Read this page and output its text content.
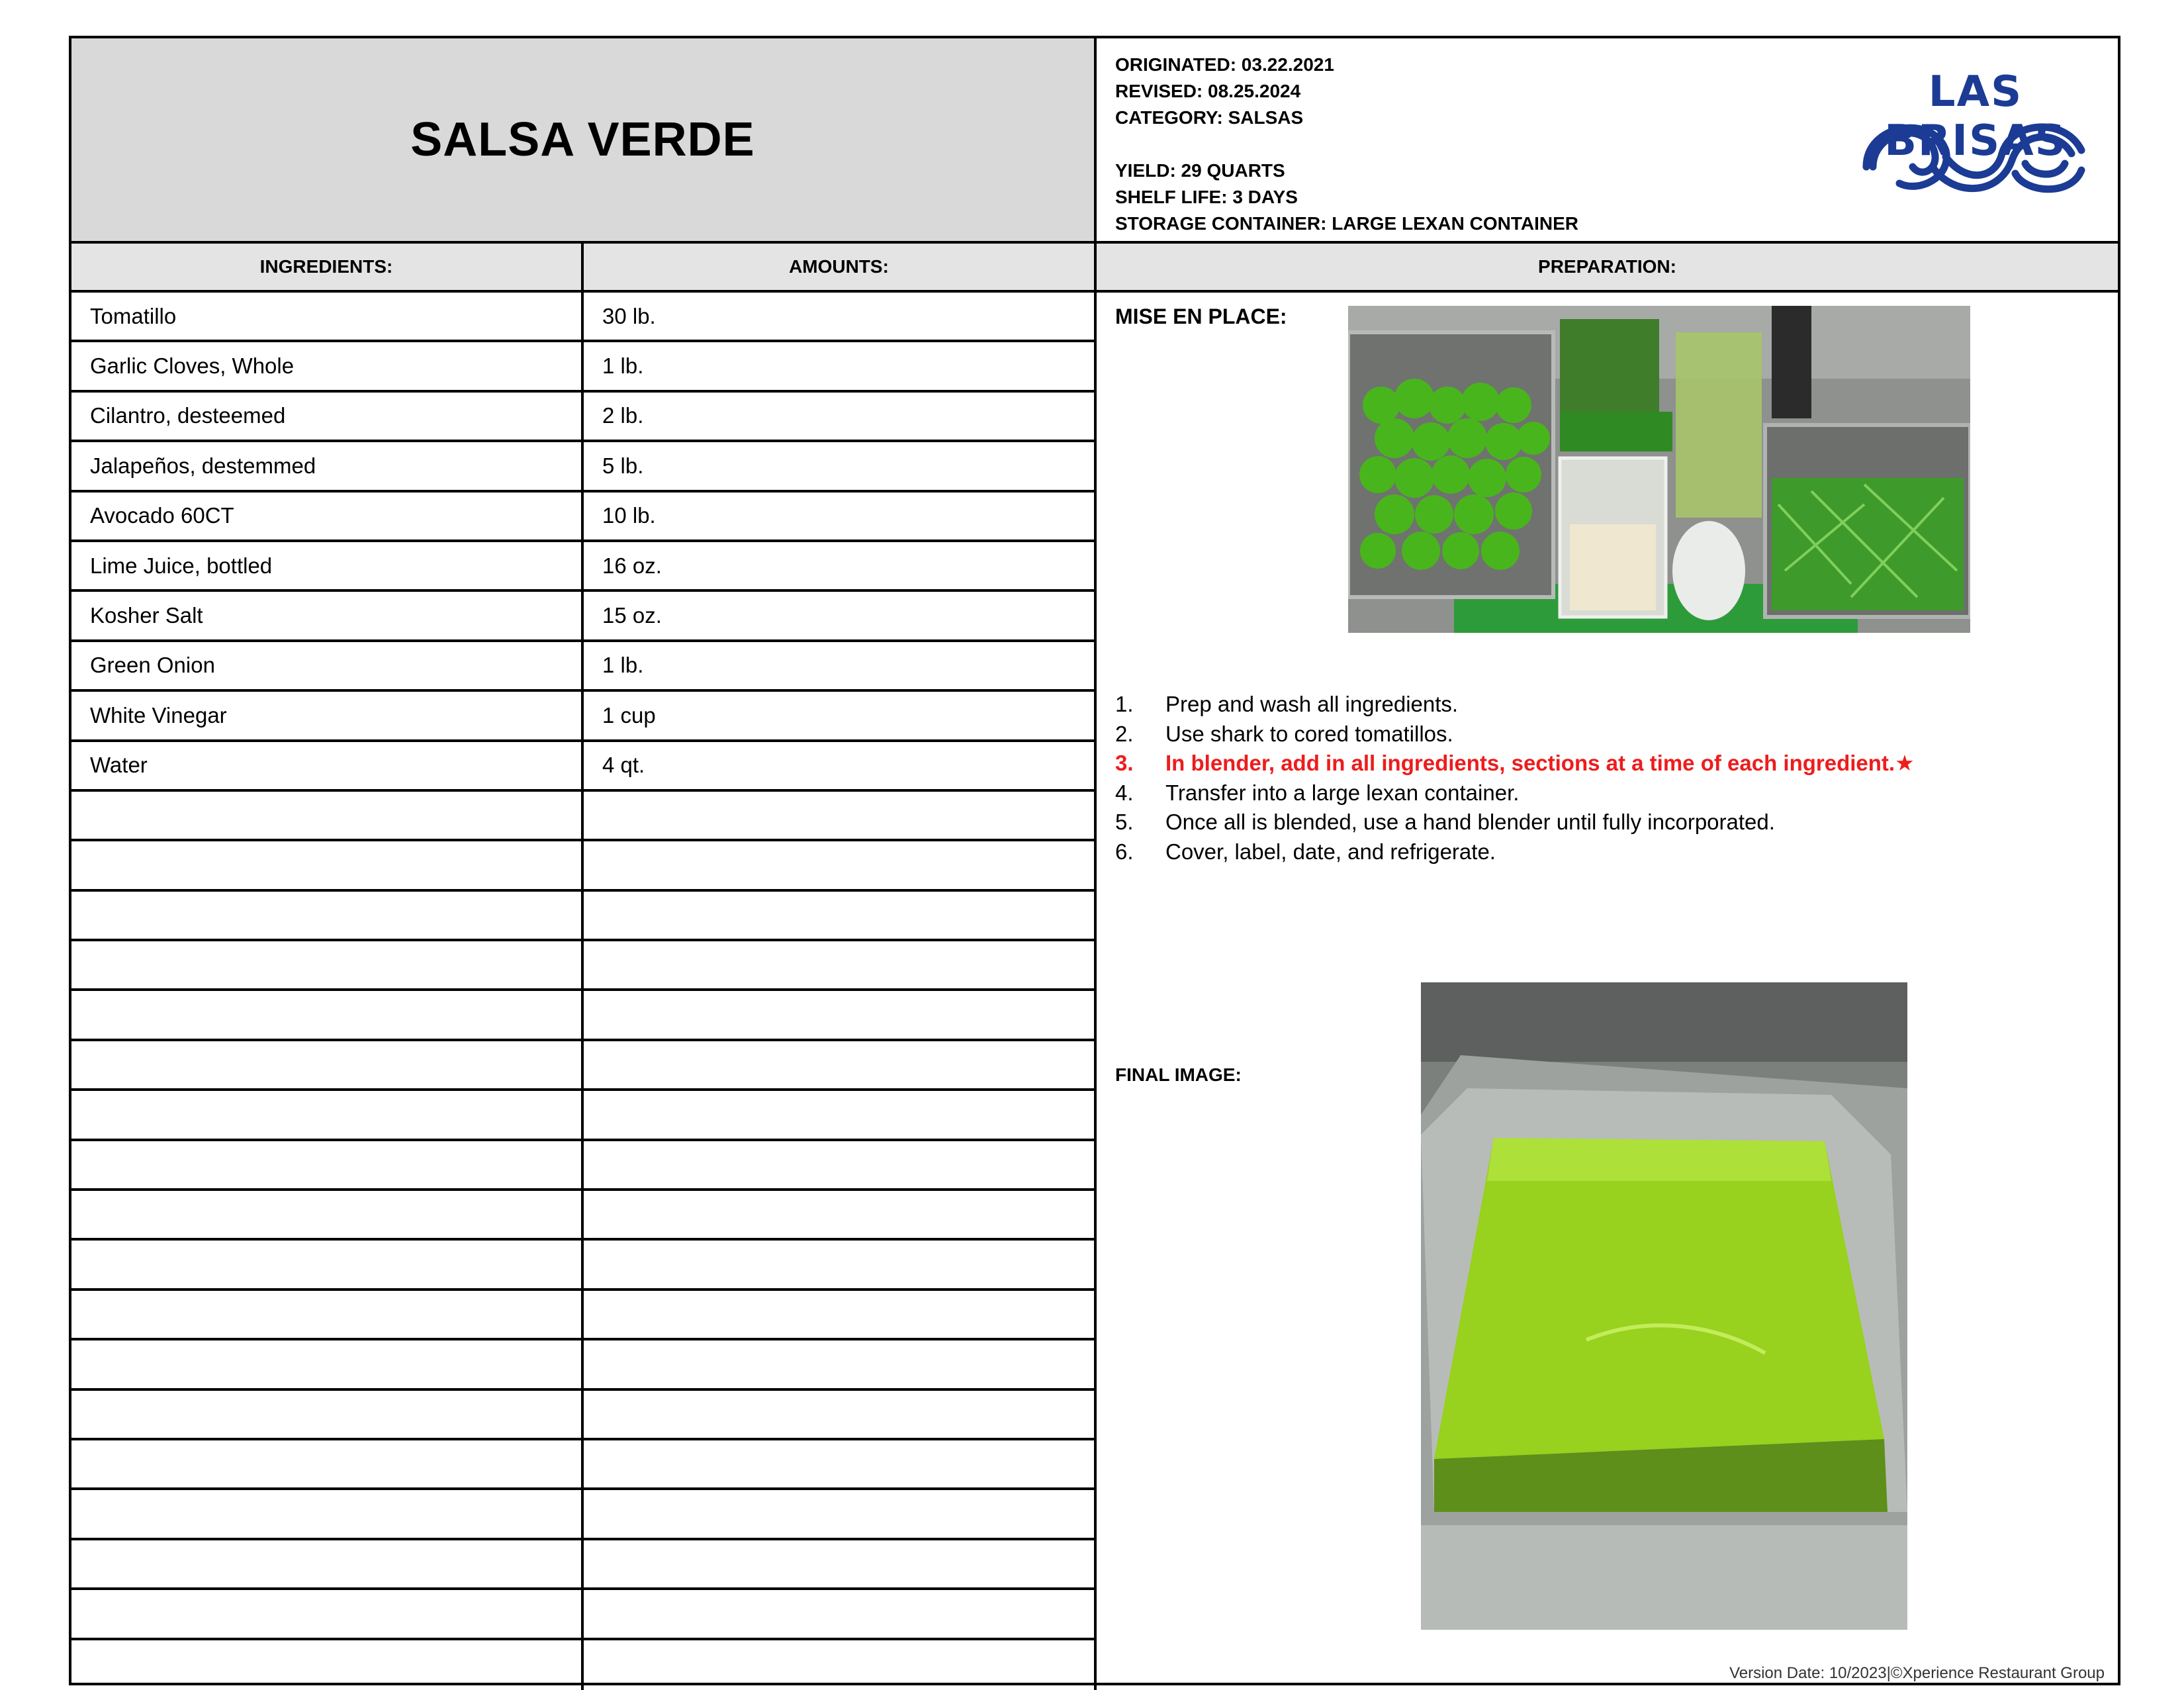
SALSA VERDE
ORIGINATED: 03.22.2021
REVISED: 08.25.2024
CATEGORY: SALSAS
YIELD: 29 QUARTS
SHELF LIFE: 3 DAYS
STORAGE CONTAINER: LARGE LEXAN CONTAINER
LAS BRISAS
INGREDIENTS:	AMOUNTS:	PREPARATION:
Tomatillo	30 lb.
Garlic Cloves, Whole	1 lb.
Cilantro, desteemed	2 lb.
Jalapeños, destemmed	5 lb.
Avocado 60CT	10 lb.
Lime Juice, bottled	16 oz.
Kosher Salt	15 oz.
Green Onion	1 lb.
White Vinegar	1 cup
Water	4 qt.
MISE EN PLACE:
1.	Prep and wash all ingredients.
2.	Use shark to cored tomatillos.
3.	In blender, add in all ingredients, sections at a time of each ingredient.★
4.	Transfer into a large lexan container.
5.	Once all is blended, use a hand blender until fully incorporated.
6.	Cover, label, date, and refrigerate.
FINAL IMAGE:
Version Date: 10/2023|©Xperience Restaurant Group
